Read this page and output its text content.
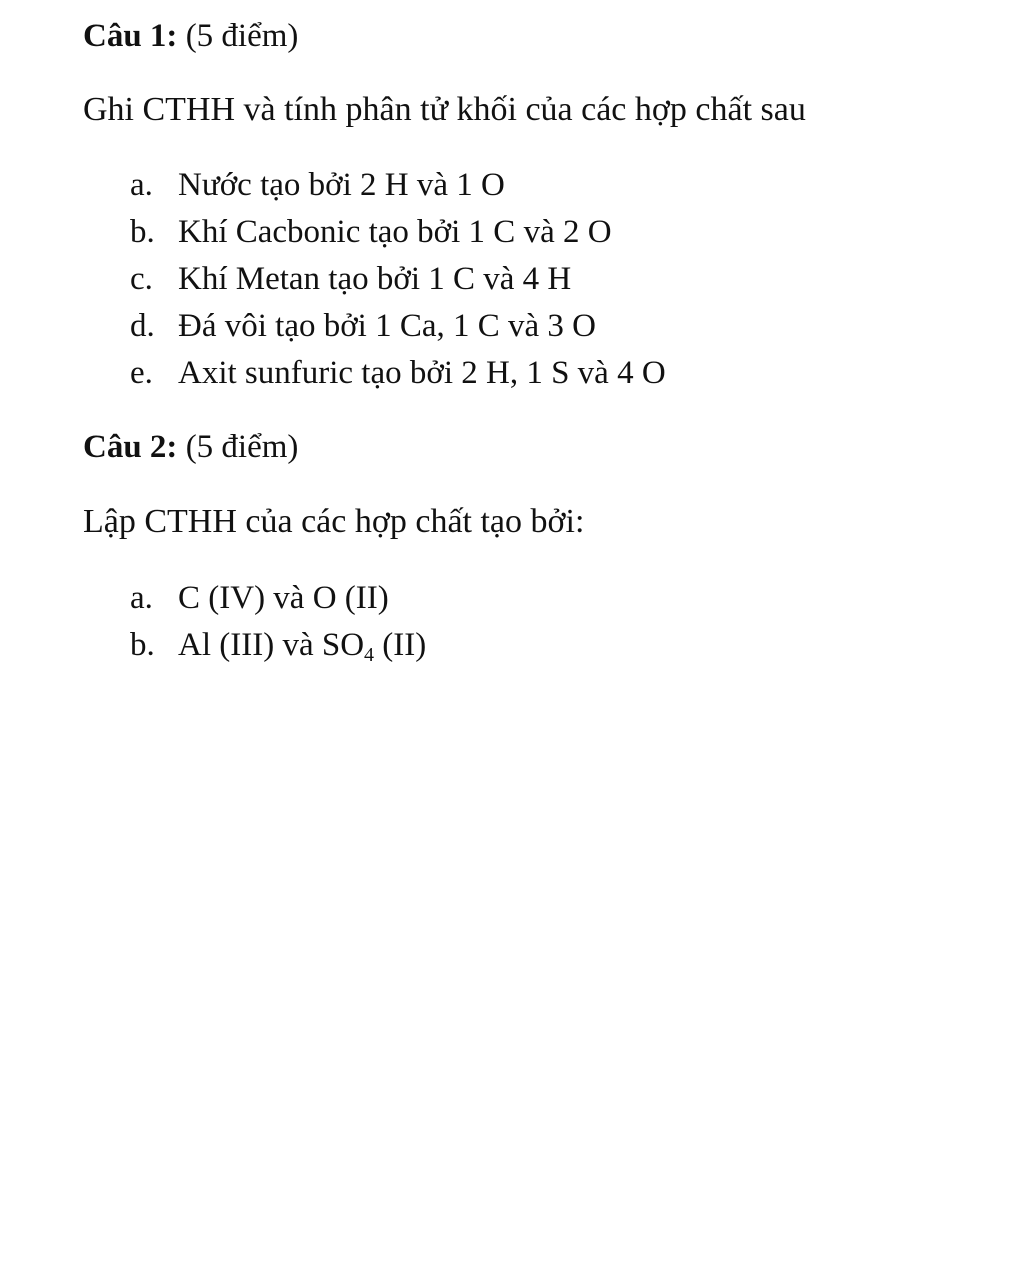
Câu 1: (5 điểm)
Ghi CTHH và tính phân tử khối của các hợp chất sau
a. Nước tạo bởi 2 H và 1 O
b. Khí Cacbonic tạo bởi 1 C và 2 O
c. Khí Metan tạo bởi 1 C và 4 H
d. Đá vôi tạo bởi 1 Ca, 1 C và 3 O
e. Axit sunfuric tạo bởi 2 H, 1 S và 4 O
Câu 2: (5 điểm)
Lập CTHH của các hợp chất tạo bởi:
a. C (IV) và O (II)
b. Al (III) và $SO_4$ (II)
